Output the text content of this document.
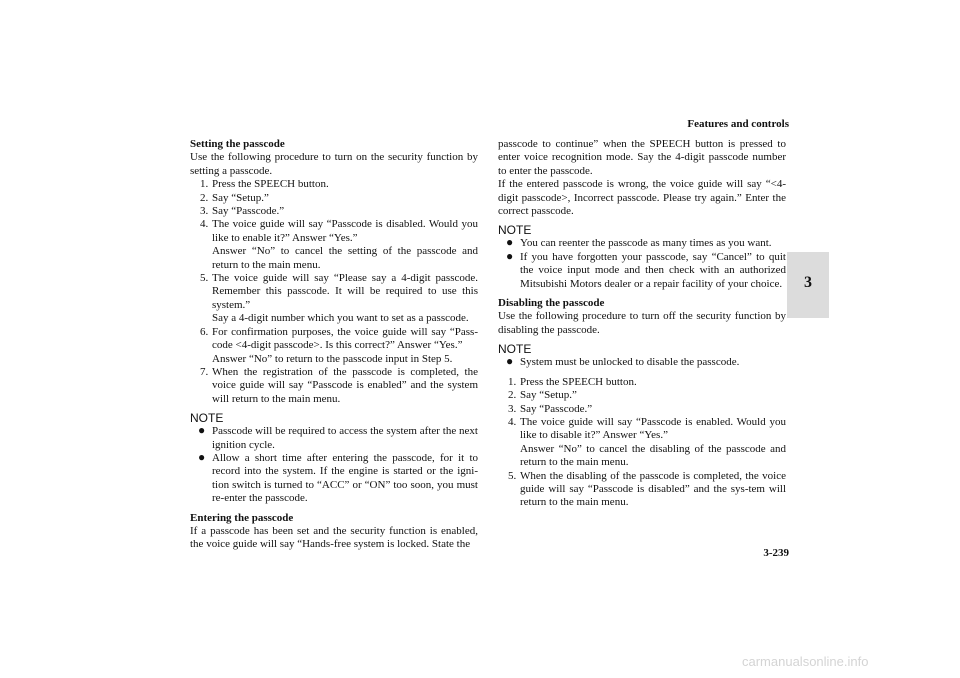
Features and controls
3

Setting the passcode

Use the following procedure to turn on the security function by setting a passcode.

1. Press the SPEECH button.
2. Say “Setup.”
3. Say “Passcode.”
4. The voice guide will say “Passcode is disabled. Would you like to enable it?” Answer “Yes.”
Answer “No” to cancel the setting of the passcode and return to the main menu.
5. The voice guide will say “Please say a 4-digit passcode. Remember this passcode. It will be required to use this system.”
Say a 4-digit number which you want to set as a passcode.
6. For confirmation purposes, the voice guide will say “Pass-code <4-digit passcode>. Is this correct?” Answer “Yes.”
Answer “No” to return to the passcode input in Step 5.
7. When the registration of the passcode is completed, the voice guide will say “Passcode is enabled” and the system will return to the main menu.
NOTE
● Passcode will be required to access the system after the next ignition cycle.
● Allow a short time after entering the passcode, for it to record into the system. If the engine is started or the igni-tion switch is turned to “ACC” or “ON” too soon, you must re-enter the passcode.

Entering the passcode

If a passcode has been set and the security function is enabled, the voice guide will say “Hands-free system is locked. State the

passcode to continue” when the SPEECH button is pressed to enter voice recognition mode. Say the 4-digit passcode number to enter the passcode.

If the entered passcode is wrong, the voice guide will say “<4-digit passcode>, Incorrect passcode. Please try again.” Enter the correct passcode.

NOTE
● You can reenter the passcode as many times as you want.
● If you have forgotten your passcode, say “Cancel” to quit the voice input mode and then check with an authorized Mitsubishi Motors dealer or a repair facility of your choice.

Disabling the passcode

Use the following procedure to turn off the security function by disabling the passcode.

NOTE
● System must be unlocked to disable the passcode.
1. Press the SPEECH button.
2. Say “Setup.”
3. Say “Passcode.”
4. The voice guide will say “Passcode is enabled. Would you like to disable it?” Answer “Yes.”
Answer “No” to cancel the disabling of the passcode and return to the main menu.
5. When the disabling of the passcode is completed, the voice guide will say “Passcode is disabled” and the sys-tem will return to the main menu.
3-239
carmanualsonline.info
